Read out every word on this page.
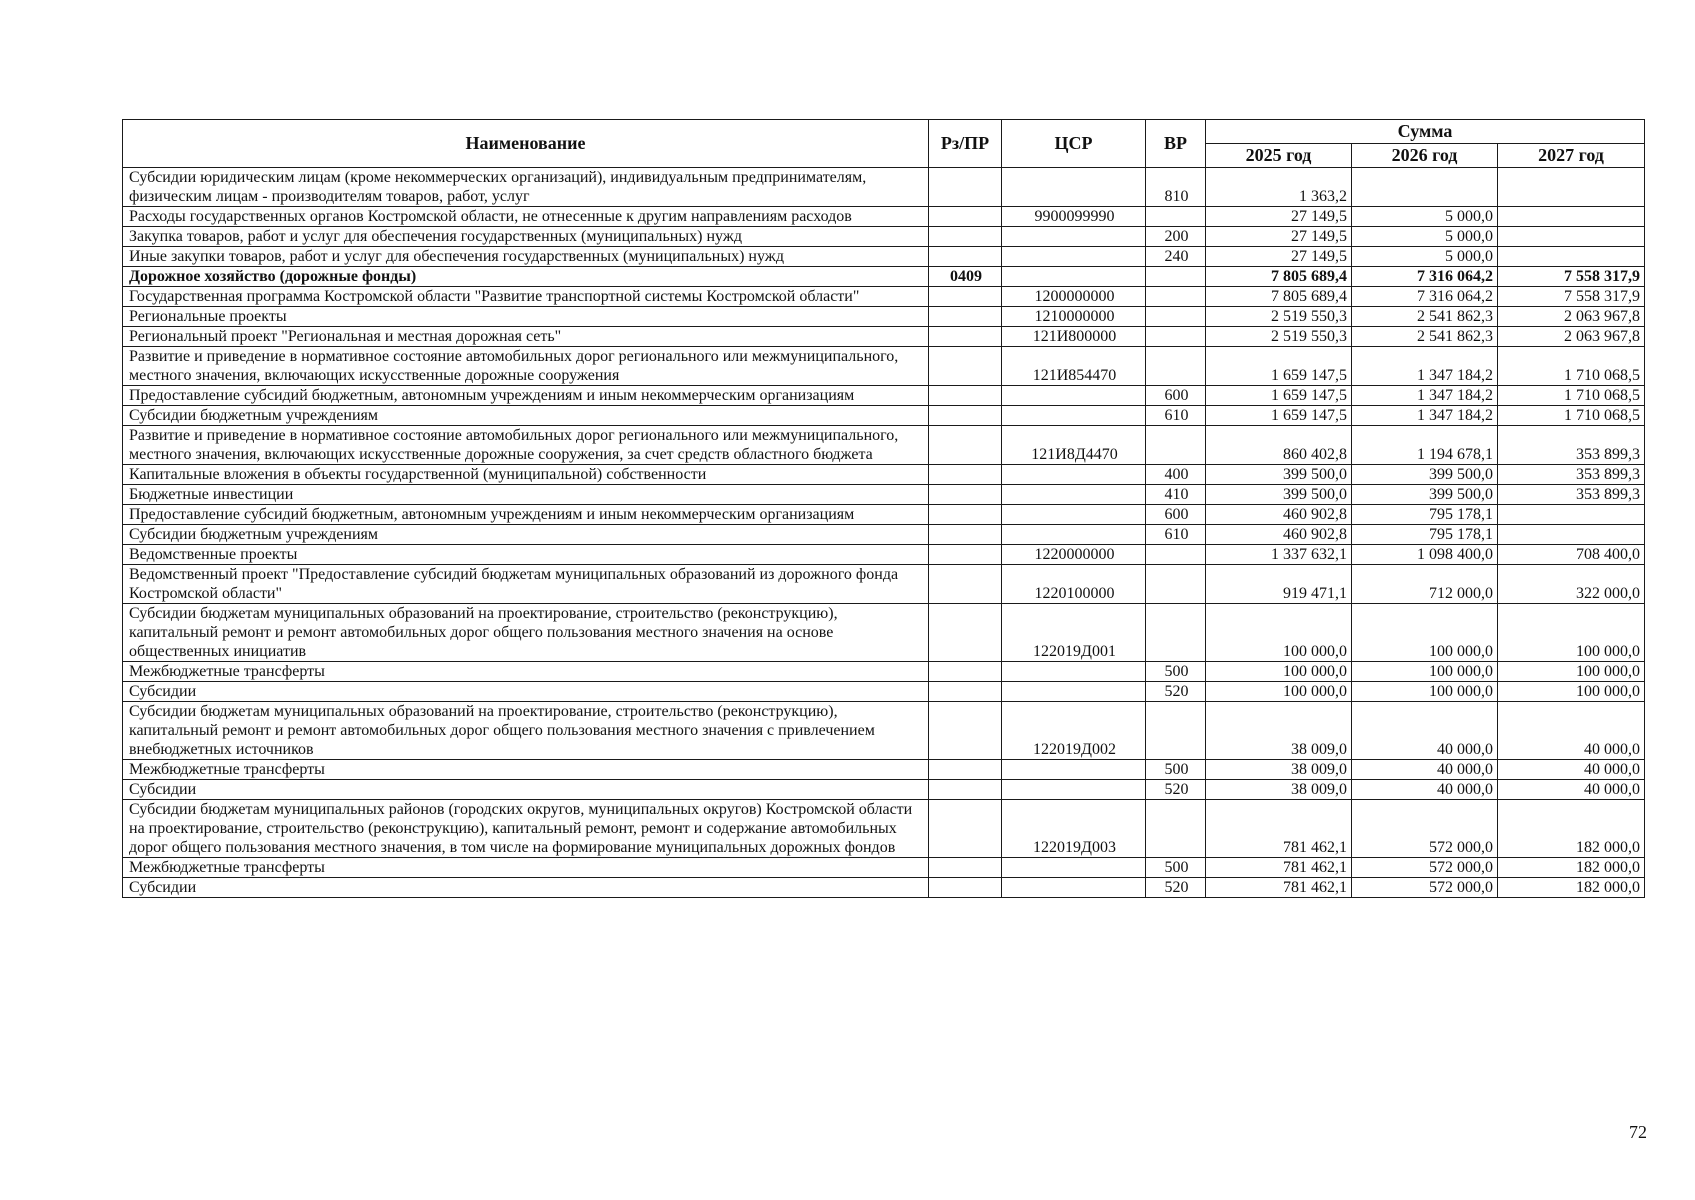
Наименование	Рз/ПР	ЦСР	ВР	Сумма		
				2025 год	2026 год	2027 год
Субсидии юридическим лицам (кроме некоммерческих организаций), индивидуальным предпринимателям, физическим лицам - производителям товаров, работ, услуг			810	1 363,2		
Расходы государственных органов Костромской области, не отнесенные к другим направлениям расходов		9900099990		27 149,5	5 000,0	
Закупка товаров, работ и услуг для обеспечения государственных (муниципальных) нужд			200	27 149,5	5 000,0	
Иные закупки товаров, работ и услуг для обеспечения государственных (муниципальных) нужд			240	27 149,5	5 000,0	
Дорожное хозяйство (дорожные фонды)	0409			7 805 689,4	7 316 064,2	7 558 317,9
Государственная программа Костромской области "Развитие транспортной системы Костромской области"		1200000000		7 805 689,4	7 316 064,2	7 558 317,9
Региональные проекты		1210000000		2 519 550,3	2 541 862,3	2 063 967,8
Региональный проект "Региональная и местная дорожная сеть"		121И800000		2 519 550,3	2 541 862,3	2 063 967,8
Развитие и приведение в нормативное состояние автомобильных дорог регионального или межмуниципального, местного значения, включающих искусственные дорожные сооружения		121И854470		1 659 147,5	1 347 184,2	1 710 068,5
Предоставление субсидий бюджетным, автономным учреждениям и иным некоммерческим организациям			600	1 659 147,5	1 347 184,2	1 710 068,5
Субсидии бюджетным учреждениям			610	1 659 147,5	1 347 184,2	1 710 068,5
Развитие и приведение в нормативное состояние автомобильных дорог регионального или межмуниципального, местного значения, включающих искусственные дорожные сооружения, за счет средств областного бюджета		121И8Д4470		860 402,8	1 194 678,1	353 899,3
Капитальные вложения в объекты государственной (муниципальной) собственности			400	399 500,0	399 500,0	353 899,3
Бюджетные инвестиции			410	399 500,0	399 500,0	353 899,3
Предоставление субсидий бюджетным, автономным учреждениям и иным некоммерческим организациям			600	460 902,8	795 178,1	
Субсидии бюджетным учреждениям			610	460 902,8	795 178,1	
Ведомственные проекты		1220000000		1 337 632,1	1 098 400,0	708 400,0
Ведомственный проект "Предоставление субсидий бюджетам муниципальных образований из дорожного фонда Костромской области"		1220100000		919 471,1	712 000,0	322 000,0
Субсидии бюджетам муниципальных образований на проектирование, строительство (реконструкцию), капитальный ремонт и ремонт автомобильных дорог общего пользования местного значения на основе общественных инициатив		122019Д001		100 000,0	100 000,0	100 000,0
Межбюджетные трансферты			500	100 000,0	100 000,0	100 000,0
Субсидии			520	100 000,0	100 000,0	100 000,0
Субсидии бюджетам муниципальных образований на проектирование, строительство (реконструкцию), капитальный ремонт и ремонт автомобильных дорог общего пользования местного значения с привлечением внебюджетных источников		122019Д002		38 009,0	40 000,0	40 000,0
Межбюджетные трансферты			500	38 009,0	40 000,0	40 000,0
Субсидии			520	38 009,0	40 000,0	40 000,0
Субсидии бюджетам муниципальных районов (городских округов, муниципальных округов) Костромской области на проектирование, строительство (реконструкцию), капитальный ремонт, ремонт и содержание автомобильных дорог общего пользования местного значения, в том числе на формирование муниципальных дорожных фондов		122019Д003		781 462,1	572 000,0	182 000,0
Межбюджетные трансферты			500	781 462,1	572 000,0	182 000,0
Субсидии			520	781 462,1	572 000,0	182 000,0
72
